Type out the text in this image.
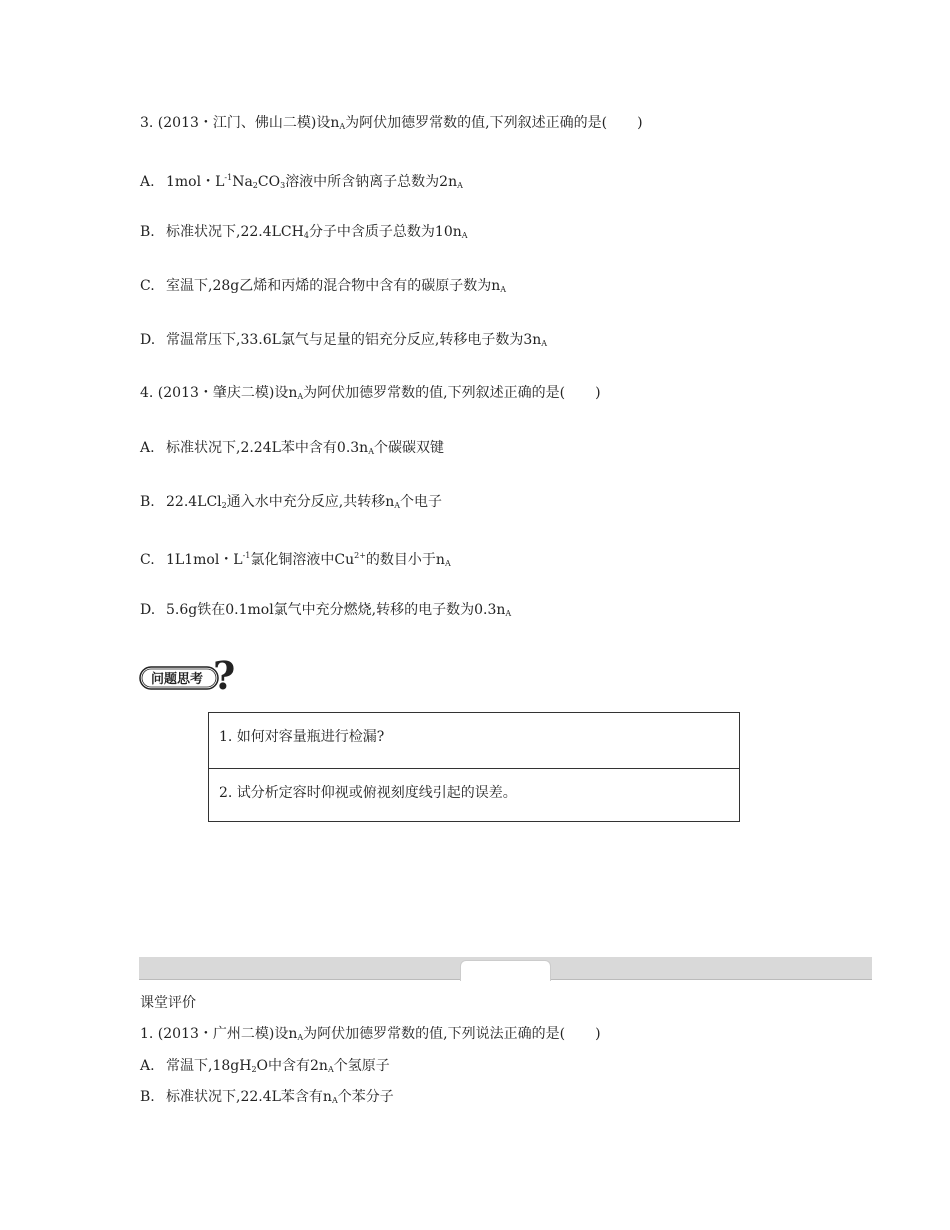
3. (2013・江门、佛山二模)设$n_A$为阿伏加德罗常数的值,下列叙述正确的是( )
A. 1mol・$L^{-1}Na_2CO_3$溶液中所含钠离子总数为$2n_A$
B. 标准状况下$,22.4LCH_4$分子中含质子总数为$10n_A$
C. 室温下,28g乙烯和丙烯的混合物中含有的碳原子数为$n_A$
D. 常温常压下,33.6L氯气与足量的铝充分反应,转移电子数为$3n_A$
4. (2013・肇庆二模)设$n_A$为阿伏加德罗常数的值,下列叙述正确的是( )
A. 标准状况下,2.24L苯中含有$0.3n_A$个碳碳双键
B. 22.4LCl$_2$通入水中充分反应,共转移$n_A$个电子
C. 1L1mol・$L^{-1}$氯化铜溶液中$Cu^{2+}$的数目小于$n_A$
D. 5.6g铁在0.1mol氯气中充分燃烧,转移的电子数为$0.3n_A$
问题思考 ?
1. 如何对容量瓶进行检漏?
2. 试分析定容时仰视或俯视刻度线引起的误差。
课堂评价
1. (2013・广州二模)设$n_A$为阿伏加德罗常数的值,下列说法正确的是( )
A. 常温下$,18gH_2O$中含有$2n_A$个氢原子
B. 标准状况下,22.4L苯含有$n_A$个苯分子
